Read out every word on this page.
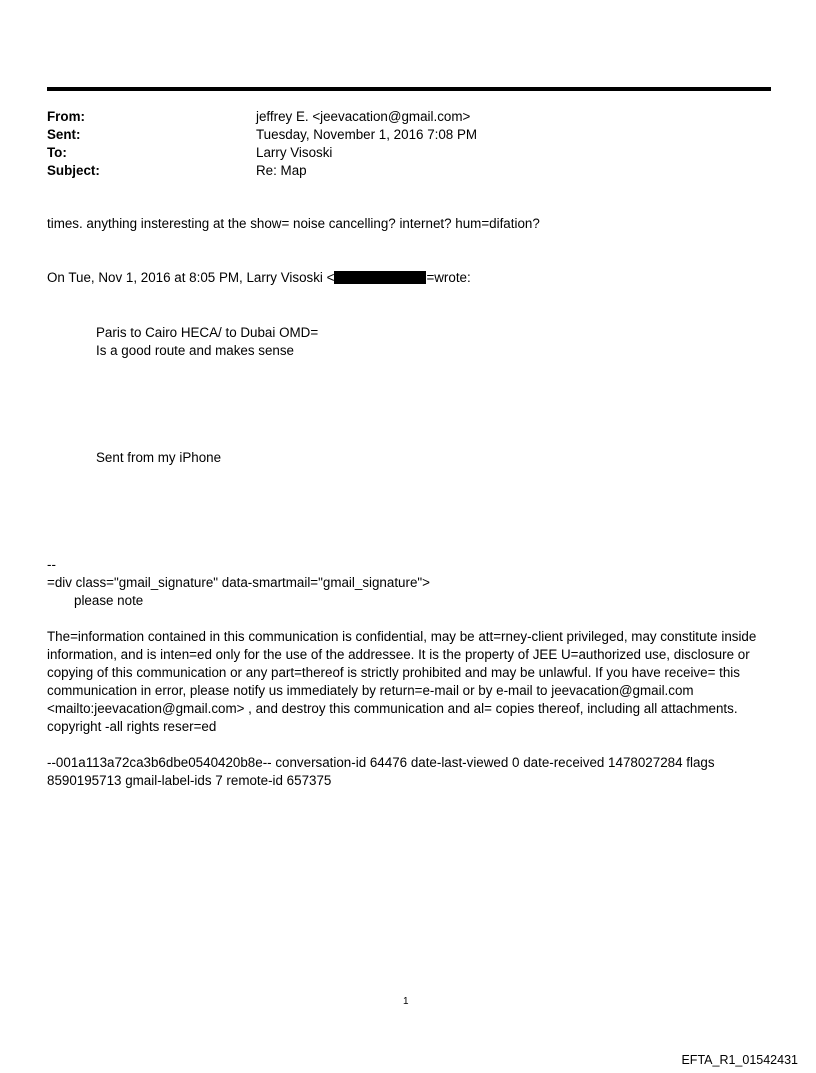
From:	jeffrey E. <jeevacation@gmail.com>
Sent:	Tuesday, November 1, 2016 7:08 PM
To:	Larry Visoski
Subject:	Re: Map
times. anything insteresting at the show= noise cancelling? internet? hum=difation?
On Tue, Nov 1, 2016 at 8:05 PM, Larry Visoski <	=wrote:
Paris to Cairo HECA/ to Dubai OMD=
Is a good route and makes sense
Sent from my iPhone
--
=div class="gmail_signature" data-smartmail="gmail_signature">
please note
The=information contained in this communication is confidential, may be att=rney-client privileged, may constitute inside information, and is inten=ed only for the use of the addressee. It is the property of JEE U=authorized use, disclosure or copying of this communication or any part=thereof is strictly prohibited and may be unlawful. If you have receive= this communication in error, please notify us immediately by return=e-mail or by e-mail to jeevacation@gmail.com <mailto:jeevacation@gmail.com> , and destroy this communication and al= copies thereof, including all attachments. copyright -all rights reser=ed
--001a113a72ca3b6dbe0540420b8e-- conversation-id 64476 date-last-viewed 0 date-received 1478027284 flags 8590195713 gmail-label-ids 7 remote-id 657375
1
EFTA_R1_01542431
